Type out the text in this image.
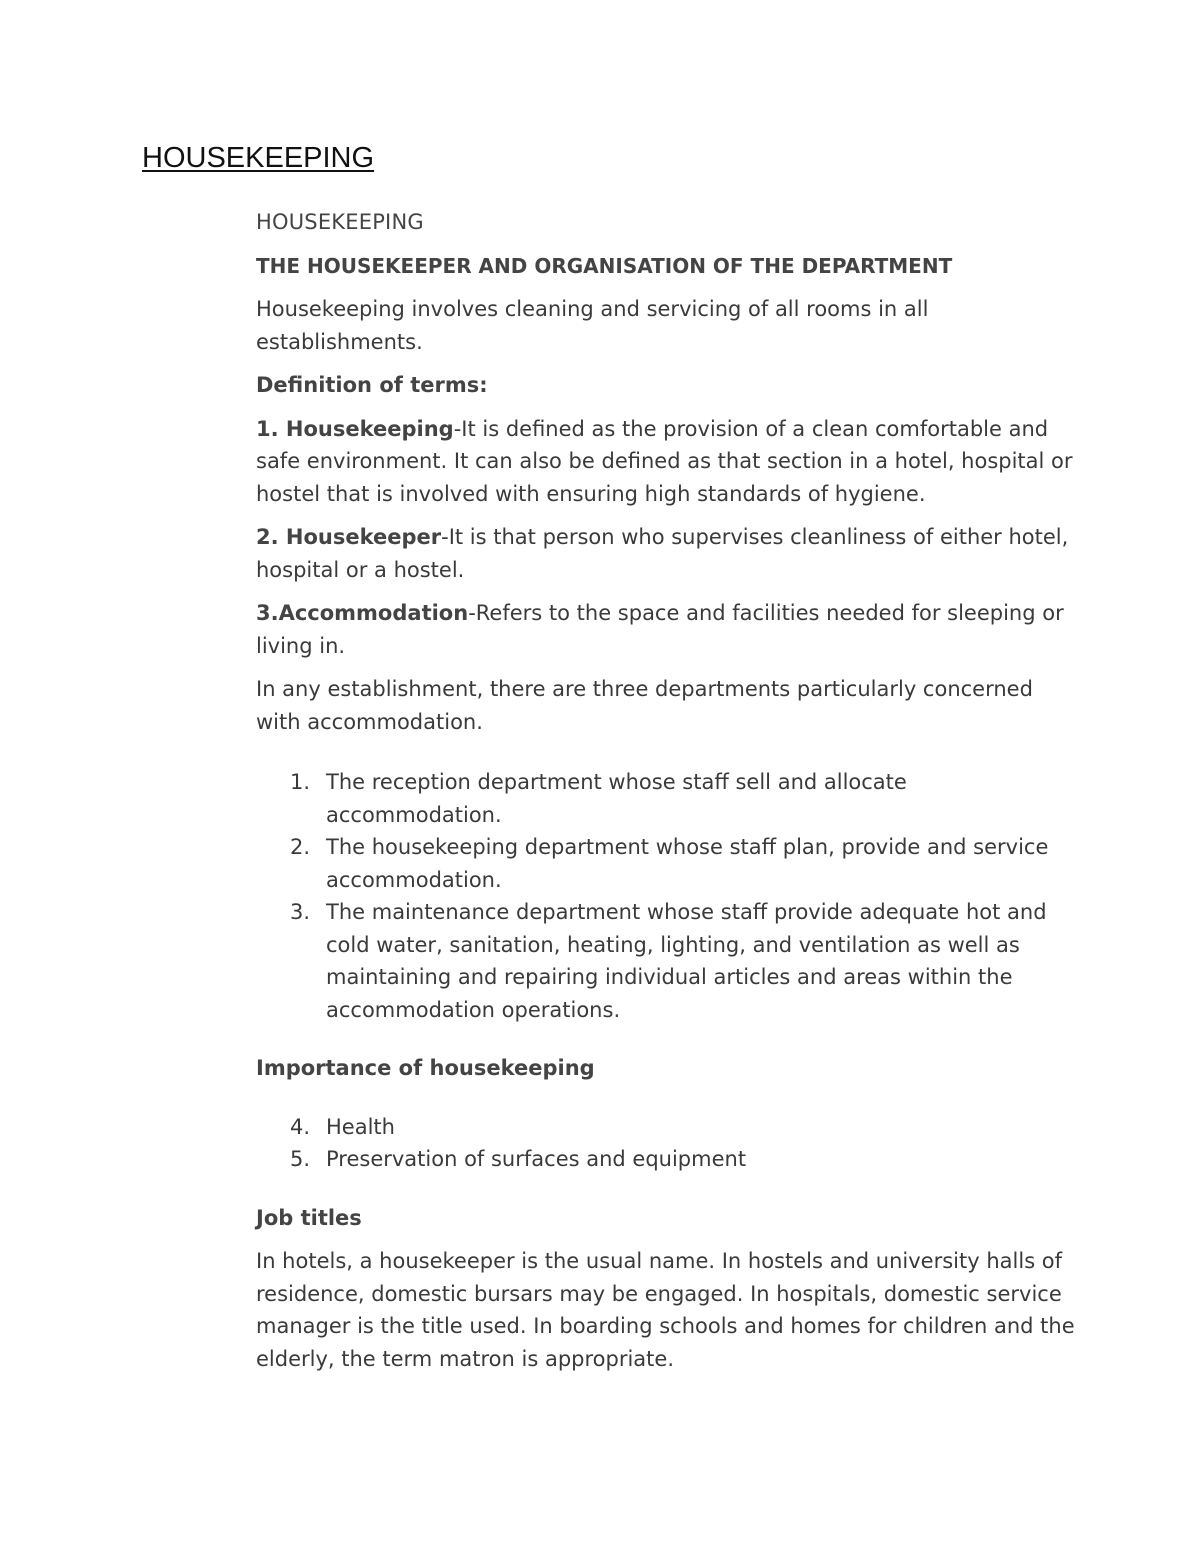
HOUSEKEEPING

HOUSEKEEPING

THE HOUSEKEEPER AND ORGANISATION OF THE DEPARTMENT

Housekeeping involves cleaning and servicing of all rooms in all establishments.

Definition of terms:

1. Housekeeping-It is defined as the provision of a clean comfortable and safe environment. It can also be defined as that section in a hotel, hospital or hostel that is involved with ensuring high standards of hygiene.

2. Housekeeper-It is that person who supervises cleanliness of either hotel, hospital or a hostel.

3.Accommodation-Refers to the space and facilities needed for sleeping or living in.

In any establishment, there are three departments particularly concerned with accommodation.

1. The reception department whose staff sell and allocate accommodation.
2. The housekeeping department whose staff plan, provide and service accommodation.
3. The maintenance department whose staff provide adequate hot and cold water, sanitation, heating, lighting, and ventilation as well as maintaining and repairing individual articles and areas within the accommodation operations.

Importance of housekeeping

4. Health
5. Preservation of surfaces and equipment

Job titles

In hotels, a housekeeper is the usual name. In hostels and university halls of residence, domestic bursars may be engaged. In hospitals, domestic service manager is the title used. In boarding schools and homes for children and the elderly, the term matron is appropriate.
